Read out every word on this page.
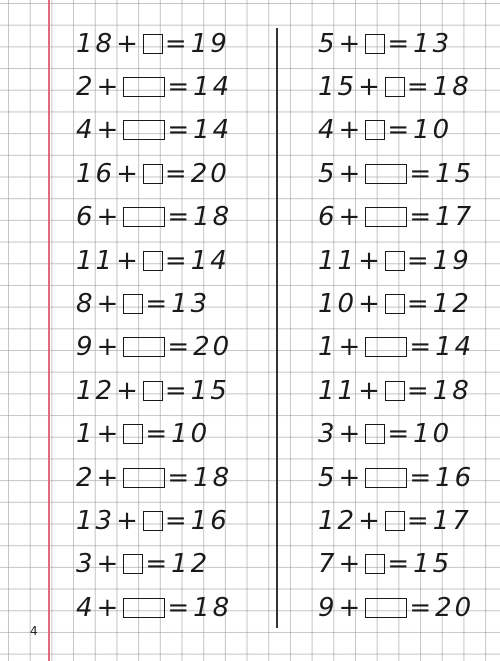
18 + = 19
2 + = 14
4 + = 14
16 + = 20
6 + = 18
11 + = 14
8 + = 13
9 + = 20
12 + = 15
1 + = 10
2 + = 18
13 + = 16
3 + = 12
4 + = 18
5 + = 13
15 + = 18
4 + = 10
5 + = 15
6 + = 17
11 + = 19
10 + = 12
1 + = 14
11 + = 18
3 + = 10
5 + = 16
12 + = 17
7 + = 15
9 + = 20
4
